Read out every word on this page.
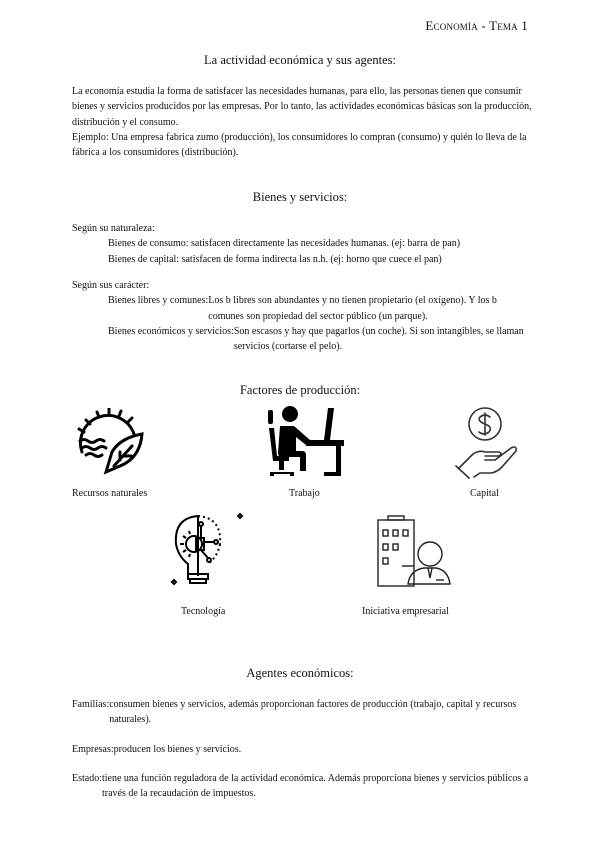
Economía - Tema 1
La actividad económica y sus agentes:
La economía estudia la forma de satisfacer las necesidades humanas, para ello, las personas tienen que consumir bienes y servicios producidos por las empresas. Por lo tanto, las actividades económicas básicas son la producción, distribución y el consumo.
Ejemplo: Una empresa fabrica zumo (producción), los consumidores lo compran (consumo) y quién lo lleva de la fábrica a los consumidores (distribución).
Bienes y servicios:
Según su naturaleza:
Bienes de consumo: satisfacen directamente las necesidades humanas. (ej: barra de pan)
Bienes de capital: satisfacen de forma indirecta las n.h. (ej: horno que cuece el pan)
Según sus carácter:
Bienes libres y comunes: Los b libres son abundantes y no tienen propietario (el oxígeno). Y los b comunes son propiedad del sector público (un parque).
Bienes económicos y servicios: Son escasos y hay que pagarlos (un coche). Si son intangibles, se llaman servicios (cortarse el pelo).
Factores de producción:
Recursos naturales	Trabajo	Capital
Tecnología	Iniciativa empresarial
Agentes económicos:
Familias: consumen bienes y servicios, además proporcionan factores de producción (trabajo, capital y recursos naturales).
Empresas: producen los bienes y servicios.
Estado: tiene una función reguladora de la actividad económica. Además proporciona bienes y servicios públicos a través de la recaudación de impuestos.
